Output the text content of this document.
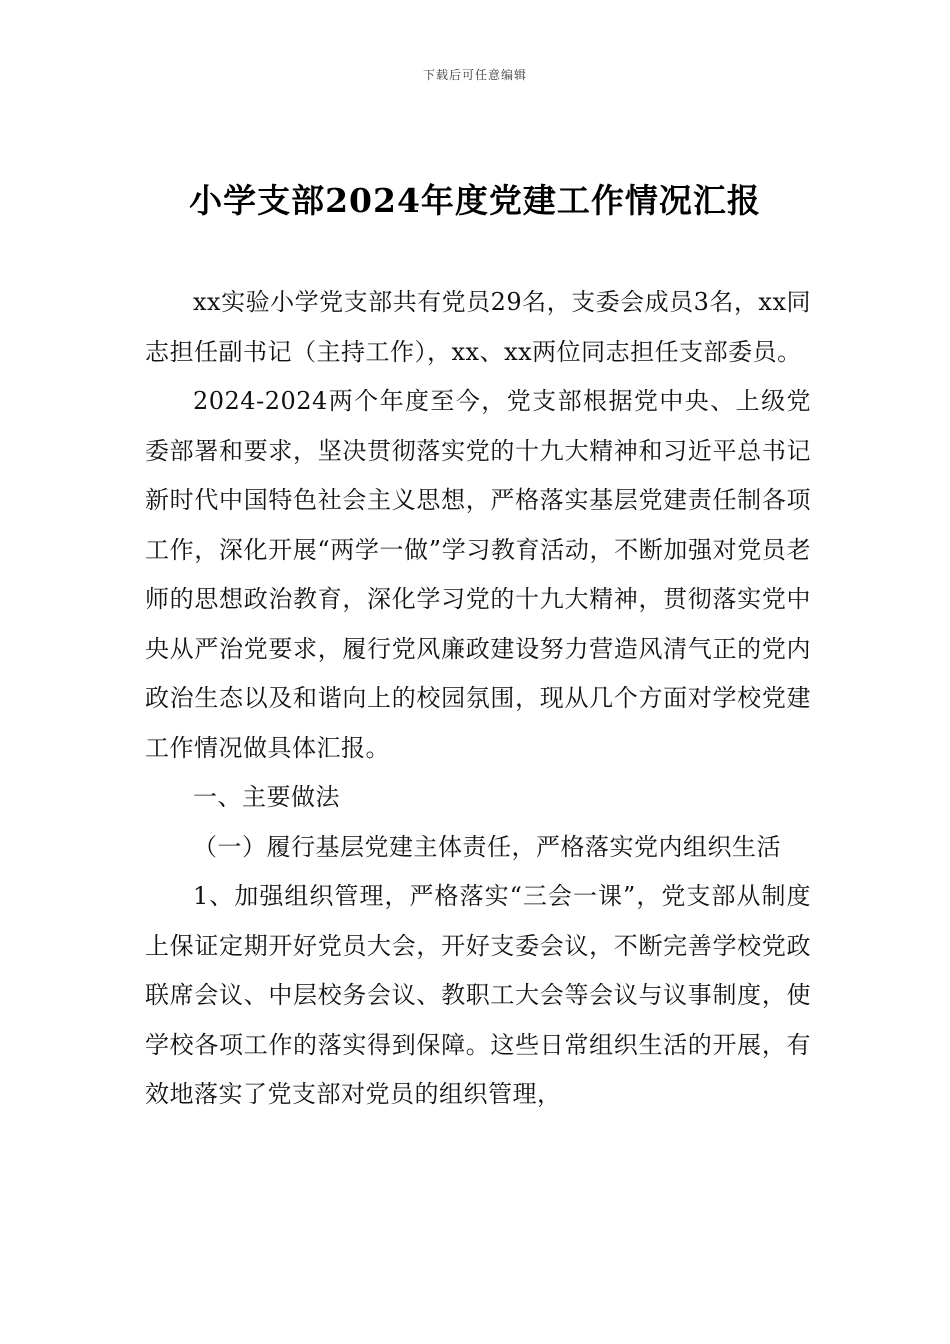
下载后可任意编辑
小学支部2024年度党建工作情况汇报

xx实验小学党支部共有党员29名，支委会成员3名，xx同志担任副书记（主持工作），xx、xx两位同志担任支部委员。

2024-2024两个年度至今，党支部根据党中央、上级党委部署和要求，坚决贯彻落实党的十九大精神和习近平总书记新时代中国特色社会主义思想，严格落实基层党建责任制各项工作，深化开展“两学一做”学习教育活动，不断加强对党员老师的思想政治教育，深化学习党的十九大精神，贯彻落实党中央从严治党要求，履行党风廉政建设努力营造风清气正的党内政治生态以及和谐向上的校园氛围，现从几个方面对学校党建工作情况做具体汇报。

一、主要做法

（一）履行基层党建主体责任，严格落实党内组织生活

1、加强组织管理，严格落实“三会一课”，党支部从制度上保证定期开好党员大会，开好支委会议，不断完善学校党政联席会议、中层校务会议、教职工大会等会议与议事制度，使学校各项工作的落实得到保障。这些日常组织生活的开展，有效地落实了党支部对党员的组织管理，
